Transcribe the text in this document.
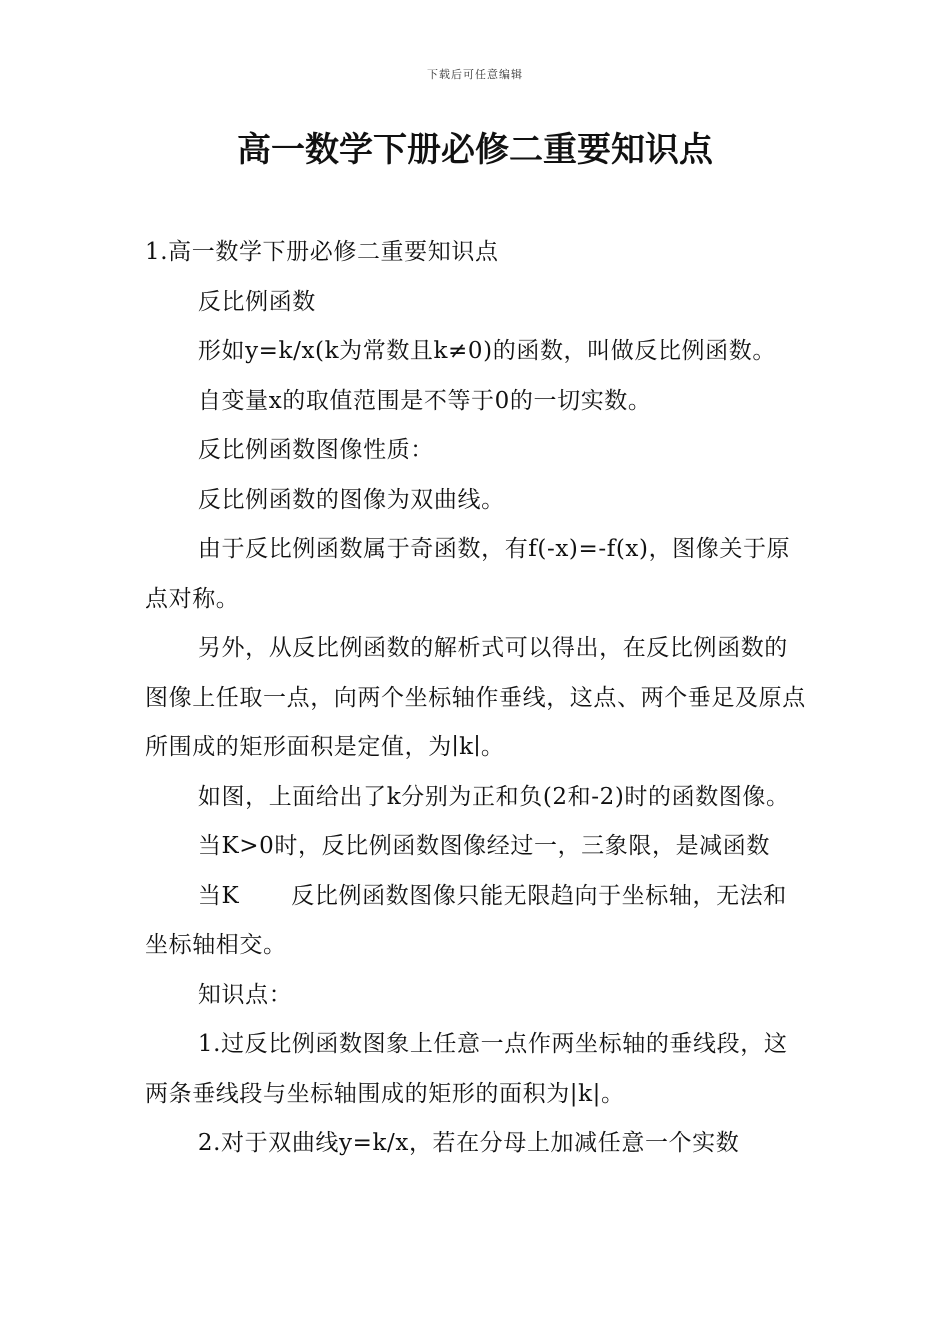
下载后可任意编辑
高一数学下册必修二重要知识点

1.高一数学下册必修二重要知识点

反比例函数

形如y=k/x(k为常数且k≠0)的函数，叫做反比例函数。

自变量x的取值范围是不等于0的一切实数。

反比例函数图像性质：

反比例函数的图像为双曲线。

由于反比例函数属于奇函数，有f(-x)=-f(x)，图像关于原点对称。

另外，从反比例函数的解析式可以得出，在反比例函数的图像上任取一点，向两个坐标轴作垂线，这点、两个垂足及原点所围成的矩形面积是定值，为∣k∣。

如图，上面给出了k分别为正和负(2和-2)时的函数图像。

当K>0时，反比例函数图像经过一，三象限，是减函数

当K 反比例函数图像只能无限趋向于坐标轴，无法和坐标轴相交。

知识点：

1.过反比例函数图象上任意一点作两坐标轴的垂线段，这两条垂线段与坐标轴围成的矩形的面积为|k|。

2.对于双曲线y=k/x，若在分母上加减任意一个实数
